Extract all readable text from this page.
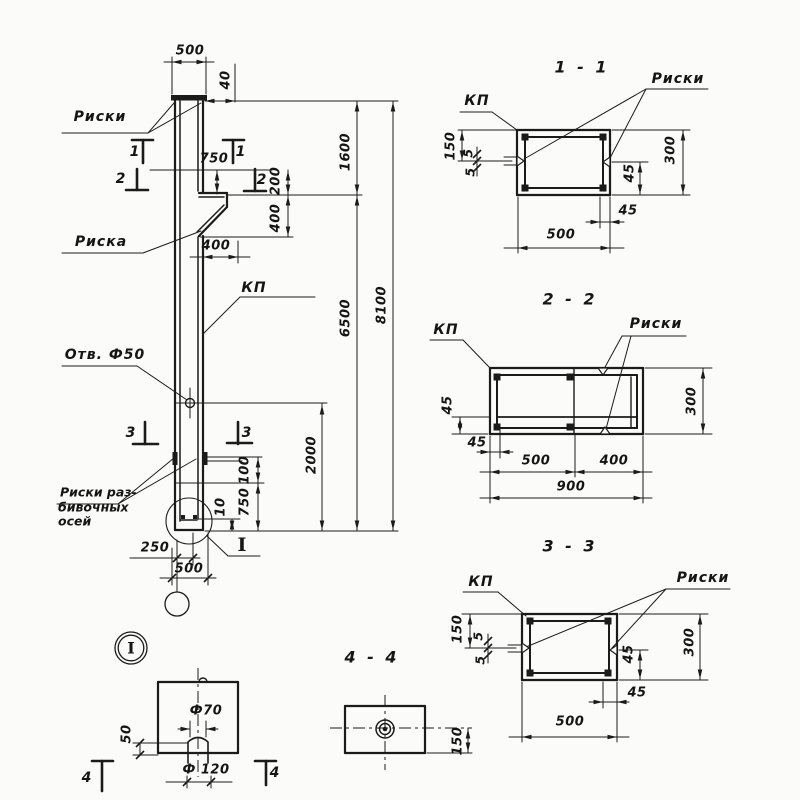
Риски
500
40
750
1	1
2	2 200
400
Риска	400
КП
1600
6500 8100
Отв. Ф50
2000
3	3
100
750
10
Риски раз-
бивочных
осей
250
500
I
I
1 - 1
КП
Риски
150 5
5	45
300
45
500
2 - 2
КП	Риски
45
45
500	400
900
300
3 - 3
КП	Риски
150 5
5	45	300
45
500
4 - 4
150
Ф70
50
Ф 120
4	4
